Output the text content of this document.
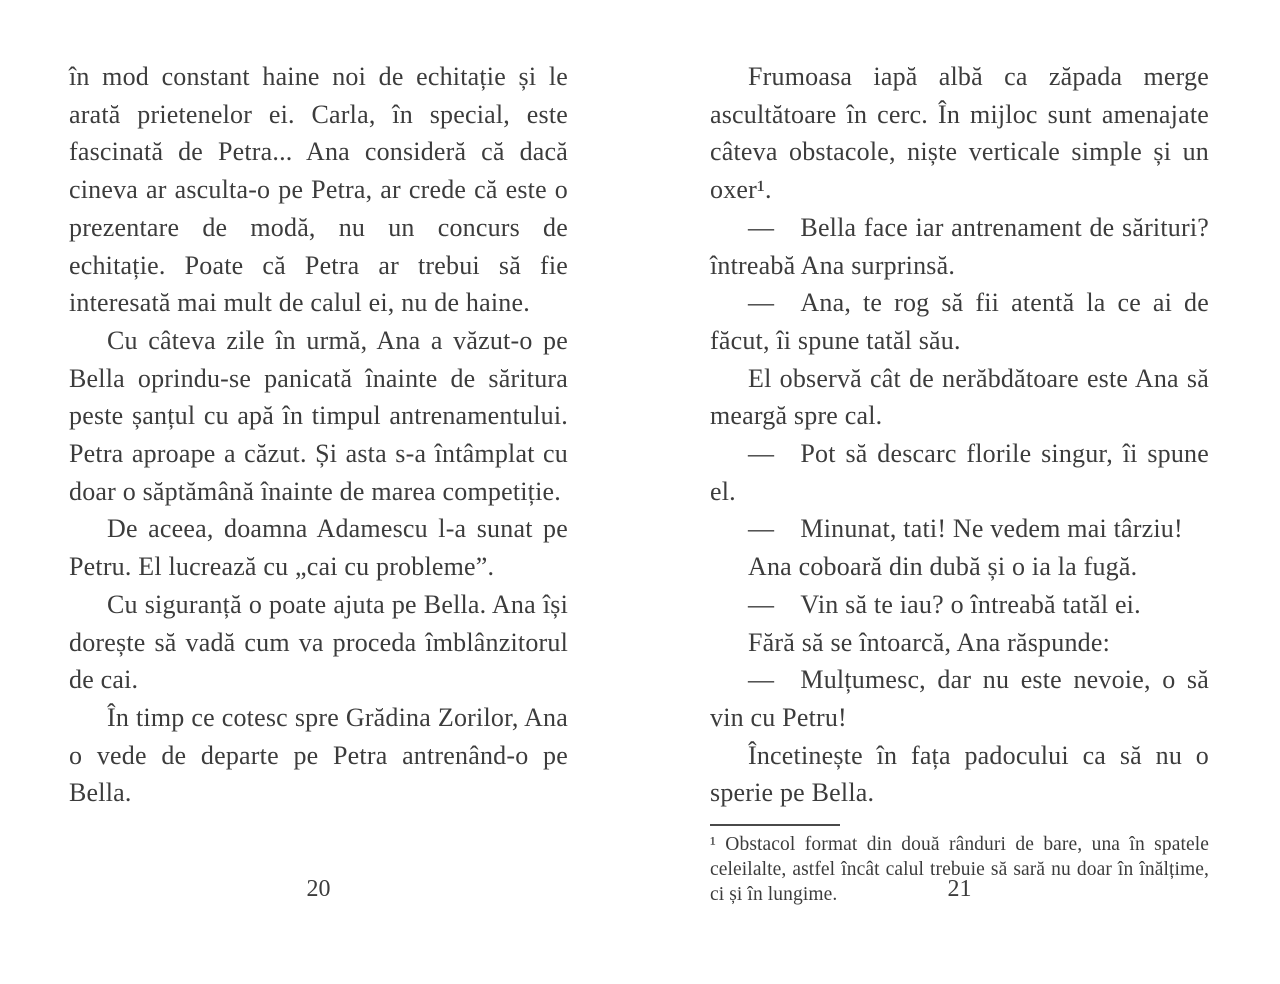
în mod constant haine noi de echitație și le arată prietenelor ei. Carla, în special, este fascinată de Petra... Ana consideră că dacă cineva ar asculta-o pe Petra, ar crede că este o prezentare de modă, nu un concurs de echitație. Poate că Petra ar trebui să fie interesată mai mult de calul ei, nu de haine.

Cu câteva zile în urmă, Ana a văzut-o pe Bella oprindu-se panicată înainte de săritura peste șanțul cu apă în timpul antrenamentului. Petra aproape a căzut. Și asta s-a întâmplat cu doar o săptămână înainte de marea competiție.

De aceea, doamna Adamescu l-a sunat pe Petru. El lucrează cu „cai cu probleme”.

Cu siguranță o poate ajuta pe Bella. Ana își dorește să vadă cum va proceda îmblânzitorul de cai.

În timp ce cotesc spre Grădina Zorilor, Ana o vede de departe pe Petra antrenând-o pe Bella.

Frumoasa iapă albă ca zăpada merge ascultătoare în cerc. În mijloc sunt amenajate câteva obstacole, niște verticale simple și un oxer¹.

— Bella face iar antrenament de sărituri? întreabă Ana surprinsă.

— Ana, te rog să fii atentă la ce ai de făcut, îi spune tatăl său.

El observă cât de nerăbdătoare este Ana să meargă spre cal.

— Pot să descarc florile singur, îi spune el.

— Minunat, tati! Ne vedem mai târziu!

Ana coboară din dubă și o ia la fugă.

— Vin să te iau? o întreabă tatăl ei.

Fără să se întoarcă, Ana răspunde:

— Mulțumesc, dar nu este nevoie, o să vin cu Petru!

Încetinește în fața padocului ca să nu o sperie pe Bella.

¹ Obstacol format din două rânduri de bare, una în spatele celeilalte, astfel încât calul trebuie să sară nu doar în înălțime, ci și în lungime.

20	21
